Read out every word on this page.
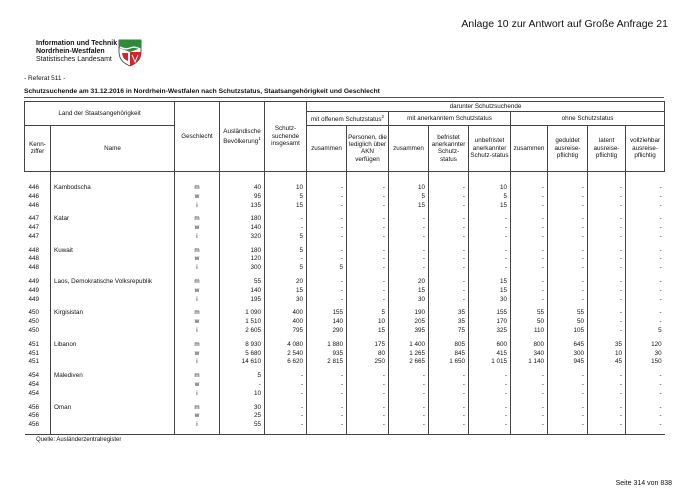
Anlage 10 zur Antwort auf Große Anfrage 21
Information und Technik
Nordrhein-Westfalen
Statistisches Landesamt
- Referat 511 -
Schutzsuchende am 31.12.2016 in Nordrhein-Westfalen nach Schutzstatus, Staatsangehörigkeit und Geschlecht
Land der Staatsangehörigkeit		Geschlecht	Ausländische Bevölkerung$^1$	Schutz-suchende insgesamt	darunter Schutzsuchende								
					mit offenem Schutzstatus$^2$		mit anerkanntem Schutzstatus			ohne Schutzstatus			
Kenn-ziffer	Name				zusammen	Personen, die lediglich über AKN verfügen	zusammen	befristet anerkannter Schutz-status	unbefristet anerkannter Schutz-status	zusammen	geduldet ausreise-pflichtig	latent ausreise-pflichtig	vollziehbar ausreise-pflichtig

446	Kambodscha	m	40	10	-	-	10	-	10	-	-	-	-
446		w	95	5	-	-	5	-	5	-	-	-	-
446		i	135	15	-	-	15	-	15	-	-	-	-

447	Katar	m	180	-	-	-	-	-	-	-	-	-	-
447		w	140	-	-	-	-	-	-	-	-	-	-
447		i	320	5	-	-	-	-	-	-	-	-	-

448	Kuwait	m	180	5	-	-	-	-	-	-	-	-	-
448		w	120	-	-	-	-	-	-	-	-	-	-
448		i	300	5	5	-	-	-	-	-	-	-	-

449	Laos, Demokratische Volksrepublik	m	55	20	-	-	20	-	15	-	-	-	-
449		w	140	15	-	-	15	-	15	-	-	-	-
449		i	195	30	-	-	30	-	30	-	-	-	-

450	Kirgisistan	m	1 090	400	155	5	190	35	155	55	55	-	-
450		w	1 510	400	140	10	205	35	170	50	50	-	-
450		i	2 605	795	290	15	395	75	325	110	105	-	5

451	Libanon	m	8 930	4 080	1 880	175	1 400	805	600	800	645	35	120
451		w	5 680	2 540	935	80	1 265	845	415	340	300	10	30
451		i	14 610	6 620	2 815	250	2 665	1 650	1 015	1 140	945	45	150

454	Malediven	m	5	-	-	-	-	-	-	-	-	-	-
454		w	-	-	-	-	-	-	-	-	-	-	-
454		i	10	-	-	-	-	-	-	-	-	-	-

456	Oman	m	30	-	-	-	-	-	-	-	-	-	-
456		w	25	-	-	-	-	-	-	-	-	-	-
456		i	55	-	-	-	-	-	-	-	-	-	-

Quelle: Ausländerzentralregister
Seite 314 von 838
